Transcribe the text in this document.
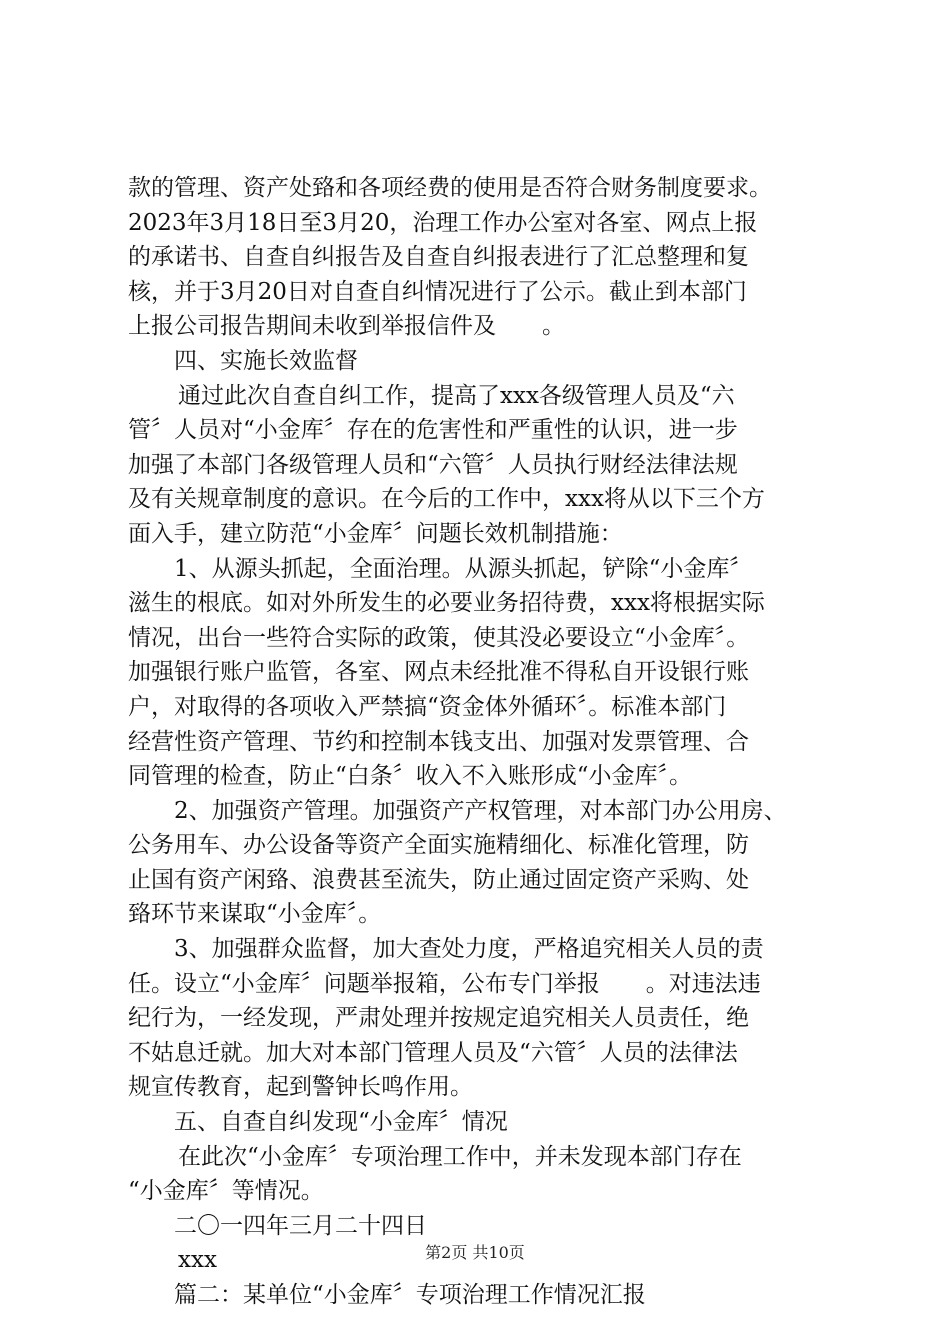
款的管理、资产处臵和各项经费的使用是否符合财务制度要求。
2023年3月18日至3月20，治理工作办公室对各室、网点上报
的承诺书、自查自纠报告及自查自纠报表进行了汇总整理和复
核，并于3月20日对自查自纠情况进行了公示。截止到本部门
上报公司报告期间未收到举报信件及　　。
四、实施长效监督
通过此次自查自纠工作，提高了xxx各级管理人员及“六
管〞人员对“小金库〞存在的危害性和严重性的认识，进一步
加强了本部门各级管理人员和“六管〞人员执行财经法律法规
及有关规章制度的意识。在今后的工作中，xxx将从以下三个方
面入手，建立防范“小金库〞问题长效机制措施：
1、从源头抓起，全面治理。从源头抓起，铲除“小金库〞
滋生的根底。如对外所发生的必要业务招待费，xxx将根据实际
情况，出台一些符合实际的政策，使其没必要设立“小金库〞。
加强银行账户监管，各室、网点未经批准不得私自开设银行账
户，对取得的各项收入严禁搞“资金体外循环〞。标准本部门
经营性资产管理、节约和控制本钱支出、加强对发票管理、合
同管理的检查，防止“白条〞收入不入账形成“小金库〞。
2、加强资产管理。加强资产产权管理，对本部门办公用房、
公务用车、办公设备等资产全面实施精细化、标准化管理，防
止国有资产闲臵、浪费甚至流失，防止通过固定资产采购、处
臵环节来谋取“小金库〞。
3、加强群众监督，加大查处力度，严格追究相关人员的责
任。设立“小金库〞问题举报箱，公布专门举报　　。对违法违
纪行为，一经发现，严肃处理并按规定追究相关人员责任，绝
不姑息迁就。加大对本部门管理人员及“六管〞人员的法律法
规宣传教育，起到警钟长鸣作用。
五、自查自纠发现“小金库〞情况
在此次“小金库〞专项治理工作中，并未发现本部门存在
“小金库〞等情况。
二〇一四年三月二十四日
xxx
篇二：某单位“小金库〞专项治理工作情况汇报
第2页 共10页
